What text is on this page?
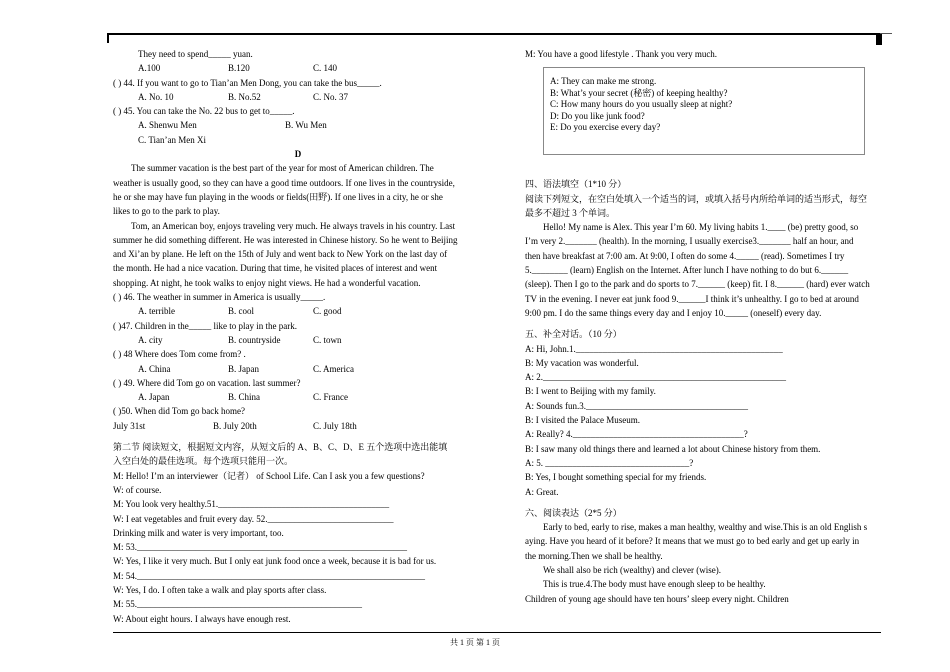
They need to spend_____ yuan.
A.100	B.120	C. 140
( ) 44. If you want to go to Tian’an Men Dong, you can take the bus_____.
A. No. 10	B. No.52	C. No. 37
( ) 45. You can take the No. 22 bus to get to_____.
A. Shenwu Men	B. Wu Men
C. Tian’an Men Xi
D
The summer vacation is the best part of the year for most of American children. The
weather is usually good, so they can have a good time outdoors. If one lives in the countryside,
he or she may have fun playing in the woods or fields(田野). If one lives in a city, he or she
likes to go to the park to play.
Tom, an American boy, enjoys traveling very much. He always travels in his country. Last
summer he did something different. He was interested in Chinese history. So he went to Beijing
and Xi’an by plane. He left on the 15th of July and went back to New York on the last day of
the month. He had a nice vacation. During that time, he visited places of interest and went
shopping. At night, he took walks to enjoy night views. He had a wonderful vacation.
( ) 46. The weather in summer in America is usually_____.
A. terrible	B. cool	C. good
( )47. Children in the_____ like to play in the park.
A. city	B. countryside	C. town
( ) 48 Where does Tom come from? .
A. China	B. Japan	C. America
( ) 49. Where did Tom go on vacation. last summer?
A. Japan	B. China	C. France
( )50. When did Tom go back home?
July 31st	B. July 20th	C. July 18th
第二节 阅读短文，根据短文内容，从短文后的 A、B、C、D、E 五个选项中选出能填
入空白处的最佳选项。每个选项只能用一次。
M: Hello! I’m an interviewer（记者） of School Life. Can I ask you a few questions?
W: of course.
M: You look very healthy.51.______________________________________
W: I eat vegetables and fruit every day. 52.____________________________
Drinking milk and water is very important, too.
M: 53.____________________________________________________________
W: Yes, I like it very much. But I only eat junk food once a week, because it is bad for us.
M: 54.________________________________________________________________
W: Yes, I do. I often take a walk and play sports after class.
M: 55.__________________________________________________
W: About eight hours. I always have enough rest.
M: You have a good lifestyle . Thank you very much.
A: They can make me strong.
B: What’s your secret (秘密) of keeping healthy?
C: How many hours do you usually sleep at night?
D: Do you like junk food?
E: Do you exercise every day?
四、语法填空（1*10 分）
阅读下列短文，在空白处填入一个适当的词，或填入括号内所给单词的适当形式，每空
最多不超过 3 个单词。
Hello! My name is Alex. This year I’m 60. My living habits 1.____ (be) pretty good, so
I’m very 2._______ (health). In the morning, I usually exercise3._______ half an hour, and
then have breakfast at 7:00 am. At 9:00, I often do some 4._____ (read). Sometimes I try
5.________ (learn) English on the Internet. After lunch I have nothing to do but 6.______
(sleep). Then I go to the park and do sports to 7.______ (keep) fit. I 8.______ (hard) ever watch
TV in the evening. I never eat junk food 9.______I think it’s unhealthy. I go to bed at around
9:00 pm. I do the same things every day and I enjoy 10._____ (oneself) every day.
五、补全对话。（10 分）
A: Hi, John.1.______________________________________________
B: My vacation was wonderful.
A: 2.______________________________________________________
B: I went to Beijing with my family.
A: Sounds fun.3.____________________________________
B: I visited the Palace Museum.
A: Really? 4.______________________________________?
B: I saw many old things there and learned a lot about Chinese history from them.
A: 5. ________________________________?
B: Yes, I bought something special for my friends.
A: Great.
六、阅读表达（2*5 分）
Early to bed, early to rise, makes a man healthy, wealthy and wise.This is an old English s
aying. Have you heard of it before? It means that we must go to bed early and get up early in
the morning.Then we shall be healthy.
We shall also be rich (wealthy) and clever (wise).
This is true.4.The body must have enough sleep to be healthy.
Children of young age should have ten hours’ sleep every night. Children
共 1 页 第 1 页
